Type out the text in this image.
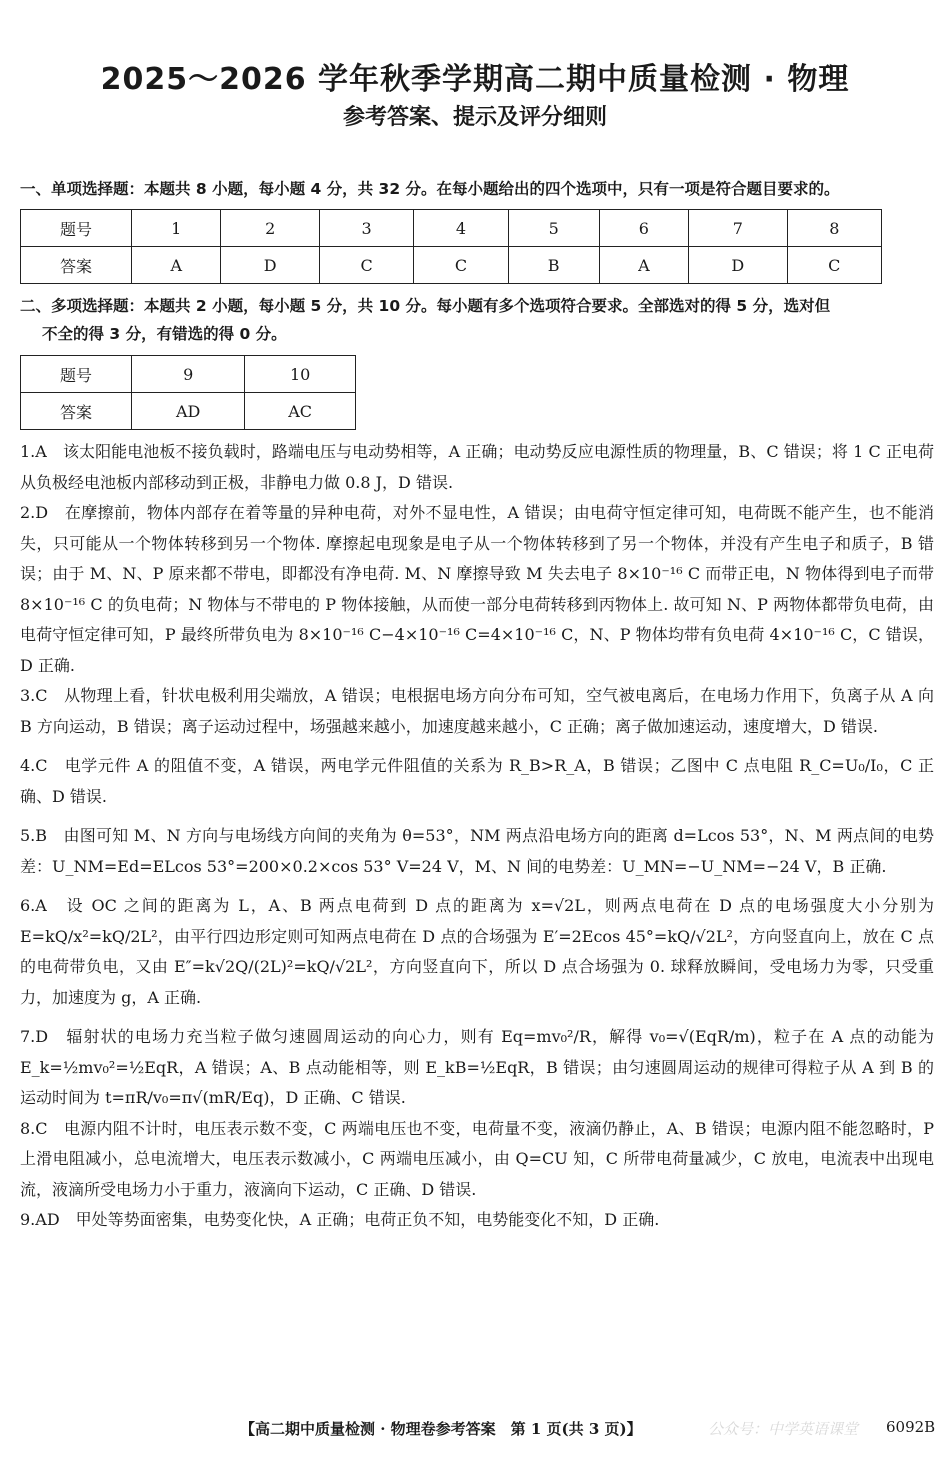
2025～2026 学年秋季学期高二期中质量检测 · 物理
参考答案、提示及评分细则
一、单项选择题：本题共 8 小题，每小题 4 分，共 32 分。在每小题给出的四个选项中，只有一项是符合题目要求的。
题号	1	2	3	4	5	6	7	8
答案	A	D	C	C	B	A	D	C
二、多项选择题：本题共 2 小题，每小题 5 分，共 10 分。每小题有多个选项符合要求。全部选对的得 5 分，选对但
不全的得 3 分，有错选的得 0 分。
题号	9	10
答案	AD	AC

1.A　该太阳能电池板不接负载时，路端电压与电动势相等，A 正确；电动势反应电源性质的物理量，B、C 错误；将 1 C 正电荷从负极经电池板内部移动到正极，非静电力做 0.8 J，D 错误.

2.D　在摩擦前，物体内部存在着等量的异种电荷，对外不显电性，A 错误；由电荷守恒定律可知，电荷既不能产生，也不能消失，只可能从一个物体转移到另一个物体. 摩擦起电现象是电子从一个物体转移到了另一个物体，并没有产生电子和质子，B 错误；由于 M、N、P 原来都不带电，即都没有净电荷. M、N 摩擦导致 M 失去电子 8×10⁻¹⁶ C 而带正电，N 物体得到电子而带 8×10⁻¹⁶ C 的负电荷；N 物体与不带电的 P 物体接触，从而使一部分电荷转移到丙物体上. 故可知 N、P 两物体都带负电荷，由电荷守恒定律可知，P 最终所带负电为 8×10⁻¹⁶ C−4×10⁻¹⁶ C=4×10⁻¹⁶ C，N、P 物体均带有负电荷 4×10⁻¹⁶ C，C 错误，D 正确.

3.C　从物理上看，针状电极利用尖端放，A 错误；电根据电场方向分布可知，空气被电离后，在电场力作用下，负离子从 A 向 B 方向运动，B 错误；离子运动过程中，场强越来越小，加速度越来越小，C 正确；离子做加速运动，速度增大，D 错误.

4.C　电学元件 A 的阻值不变，A 错误，两电学元件阻值的关系为 R_B>R_A，B 错误；乙图中 C 点电阻 R_C=U₀/I₀，C 正确、D 错误.

5.B　由图可知 M、N 方向与电场线方向间的夹角为 θ=53°，NM 两点沿电场方向的距离 d=Lcos 53°，N、M 两点间的电势差：U_NM=Ed=ELcos 53°=200×0.2×cos 53° V=24 V，M、N 间的电势差：U_MN=−U_NM=−24 V，B 正确.

6.A　设 OC 之间的距离为 L，A、B 两点电荷到 D 点的距离为 x=√2L，则两点电荷在 D 点的电场强度大小分别为 E=kQ/x²=kQ/2L²，由平行四边形定则可知两点电荷在 D 点的合场强为 E′=2Ecos 45°=kQ/√2L²，方向竖直向上，放在 C 点的电荷带负电，又由 E″=k√2Q/(2L)²=kQ/√2L²，方向竖直向下，所以 D 点合场强为 0. 球释放瞬间，受电场力为零，只受重力，加速度为 g，A 正确.

7.D　辐射状的电场力充当粒子做匀速圆周运动的向心力，则有 Eq=mv₀²/R，解得 v₀=√(EqR/m)，粒子在 A 点的动能为 E_k=½mv₀²=½EqR，A 错误；A、B 点动能相等，则 E_kB=½EqR，B 错误；由匀速圆周运动的规律可得粒子从 A 到 B 的运动时间为 t=πR/v₀=π√(mR/Eq)，D 正确、C 错误.

8.C　电源内阻不计时，电压表示数不变，C 两端电压也不变，电荷量不变，液滴仍静止，A、B 错误；电源内阻不能忽略时，P 上滑电阻减小，总电流增大，电压表示数减小，C 两端电压减小，由 Q=CU 知，C 所带电荷量减少，C 放电，电流表中出现电流，液滴所受电场力小于重力，液滴向下运动，C 正确、D 错误.

9.AD　甲处等势面密集，电势变化快，A 正确；电荷正负不知，电势能变化不知，D 正确.

【高二期中质量检测 · 物理卷参考答案　第 1 页(共 3 页)】	公众号：中学英语课堂 6092B
